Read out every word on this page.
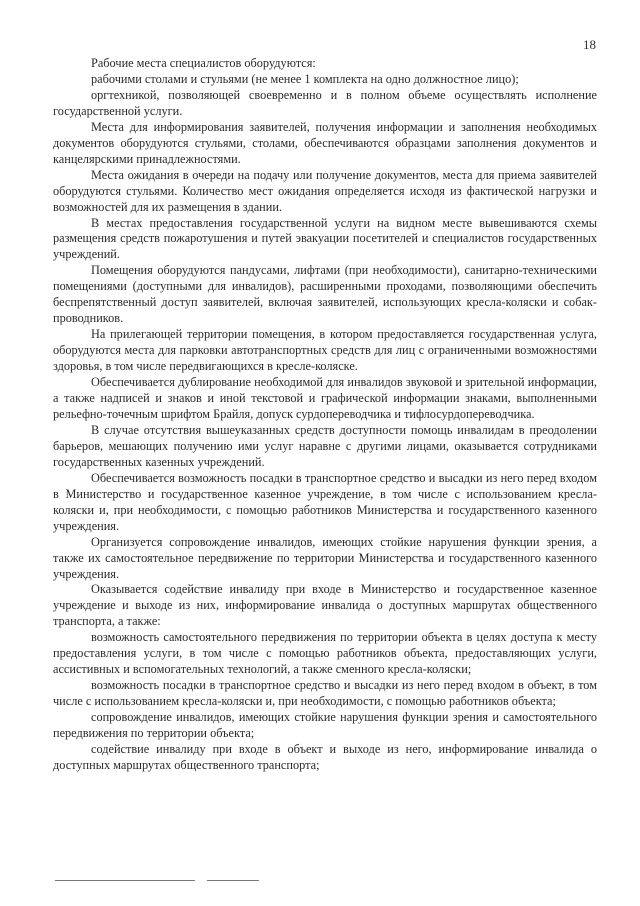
18

Рабочие места специалистов оборудуются:

рабочими столами и стульями (не менее 1 комплекта на одно должностное лицо);

оргтехникой, позволяющей своевременно и в полном объеме осуществлять исполнение государственной услуги.

Места для информирования заявителей, получения информации и заполнения необходимых документов оборудуются стульями, столами, обеспечиваются образцами заполнения документов и канцелярскими принадлежностями.

Места ожидания в очереди на подачу или получение документов, места для приема заявителей оборудуются стульями. Количество мест ожидания определяется исходя из фактической нагрузки и возможностей для их размещения в здании.

В местах предоставления государственной услуги на видном месте вывешиваются схемы размещения средств пожаротушения и путей эвакуации посетителей и специалистов государственных учреждений.

Помещения оборудуются пандусами, лифтами (при необходимости), санитарно-техническими помещениями (доступными для инвалидов), расширенными проходами, позволяющими обеспечить беспрепятственный доступ заявителей, включая заявителей, использующих кресла-коляски и собак-проводников.

На прилегающей территории помещения, в котором предоставляется государственная услуга, оборудуются места для парковки автотранспортных средств для лиц с ограниченными возможностями здоровья, в том числе передвигающихся в кресле-коляске.

Обеспечивается дублирование необходимой для инвалидов звуковой и зрительной информации, а также надписей и знаков и иной текстовой и графической информации знаками, выполненными рельефно-точечным шрифтом Брайля, допуск сурдопереводчика и тифлосурдопереводчика.

В случае отсутствия вышеуказанных средств доступности помощь инвалидам в преодолении барьеров, мешающих получению ими услуг наравне с другими лицами, оказывается сотрудниками государственных казенных учреждений.

Обеспечивается возможность посадки в транспортное средство и высадки из него перед входом в Министерство и государственное казенное учреждение, в том числе с использованием кресла-коляски и, при необходимости, с помощью работников Министерства и государственного казенного учреждения.

Организуется сопровождение инвалидов, имеющих стойкие нарушения функции зрения, а также их самостоятельное передвижение по территории Министерства и государственного казенного учреждения.

Оказывается содействие инвалиду при входе в Министерство и государственное казенное учреждение и выходе из них, информирование инвалида о доступных маршрутах общественного транспорта, а также:

возможность самостоятельного передвижения по территории объекта в целях доступа к месту предоставления услуги, в том числе с помощью работников объекта, предоставляющих услуги, ассистивных и вспомогательных технологий, а также сменного кресла-коляски;

возможность посадки в транспортное средство и высадки из него перед входом в объект, в том числе с использованием кресла-коляски и, при необходимости, с помощью работников объекта;

сопровождение инвалидов, имеющих стойкие нарушения функции зрения и самостоятельного передвижения по территории объекта;

содействие инвалиду при входе в объект и выходе из него, информирование инвалида о доступных маршрутах общественного транспорта;
